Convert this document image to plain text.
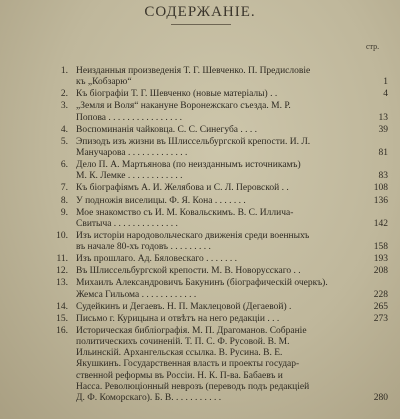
СОДЕРЖАНІЕ.
стр.
1. Неизданныя произведенія Т. Г. Шевченко. П. Предисловіе
къ „Кобзарю“	1
2. Къ біографіи Т. Г. Шевченко (новые матеріалы) . .	4
3. „Земля и Воля“ накануне Воронежскаго съезда. М. Р.
Попова . . . . . . . . . . . . . . . .	13
4. Воспоминанія чайковца. С. С. Синегуба . . . .	39
5. Эпизодъ изъ жизни въ Шлиссельбургской крепости. И. Л.
Манучарова . . . . . . . . . . . . .	81
6. Дело П. А. Мартьянова (по неизданнымъ источникамъ)
М. К. Лемке . . . . . . . . . . . .	83
7. Къ біографіямъ А. И. Желябова и С. Л. Перовской . .	108
8. У подножія виселицы. Ф. Я. Кона . . . . . . .	136
9. Мое знакомство съ И. М. Ковальскимъ. В. С. Иллича-
Свитыча . . . . . . . . . . . . . .	142
10. Изъ исторіи народовольческаго движенія среди военныхъ
въ начале 80-хъ годовъ . . . . . . . . .	158
11. Изъ прошлаго. Ад. Бяловескаго . . . . . . .	193
12. Въ Шлиссельбургской крепости. М. В. Новорусскаго . .	208
13. Михаилъ Александровичъ Бакунинъ (біографическій очеркъ).
Жемса Гильома . . . . . . . . . . . .	228
14. Судейкинъ и Дегаевъ. Н. П. Маклецовой (Дегаевой) .	265
15. Письмо г. Курицына и отвѣтъ на него редакціи . . .	273
16. Историческая библіографія. М. П. Драгоманов. Собраніе
политическихъ сочиненій. Т. П. С. Ф. Русовой. В. М.
Ильинскій. Архангельская ссылка. В. Русина. В. Е.
Якушкинъ. Государственная власть и проекты государ-
ственной реформы въ Россіи. Н. К. П-ва. Бабаевъ и
Насса. Революціонный неврозъ (переводъ подъ редакціей
Д. Ф. Коморскаго). Б. В. . . . . . . . . . .	280
